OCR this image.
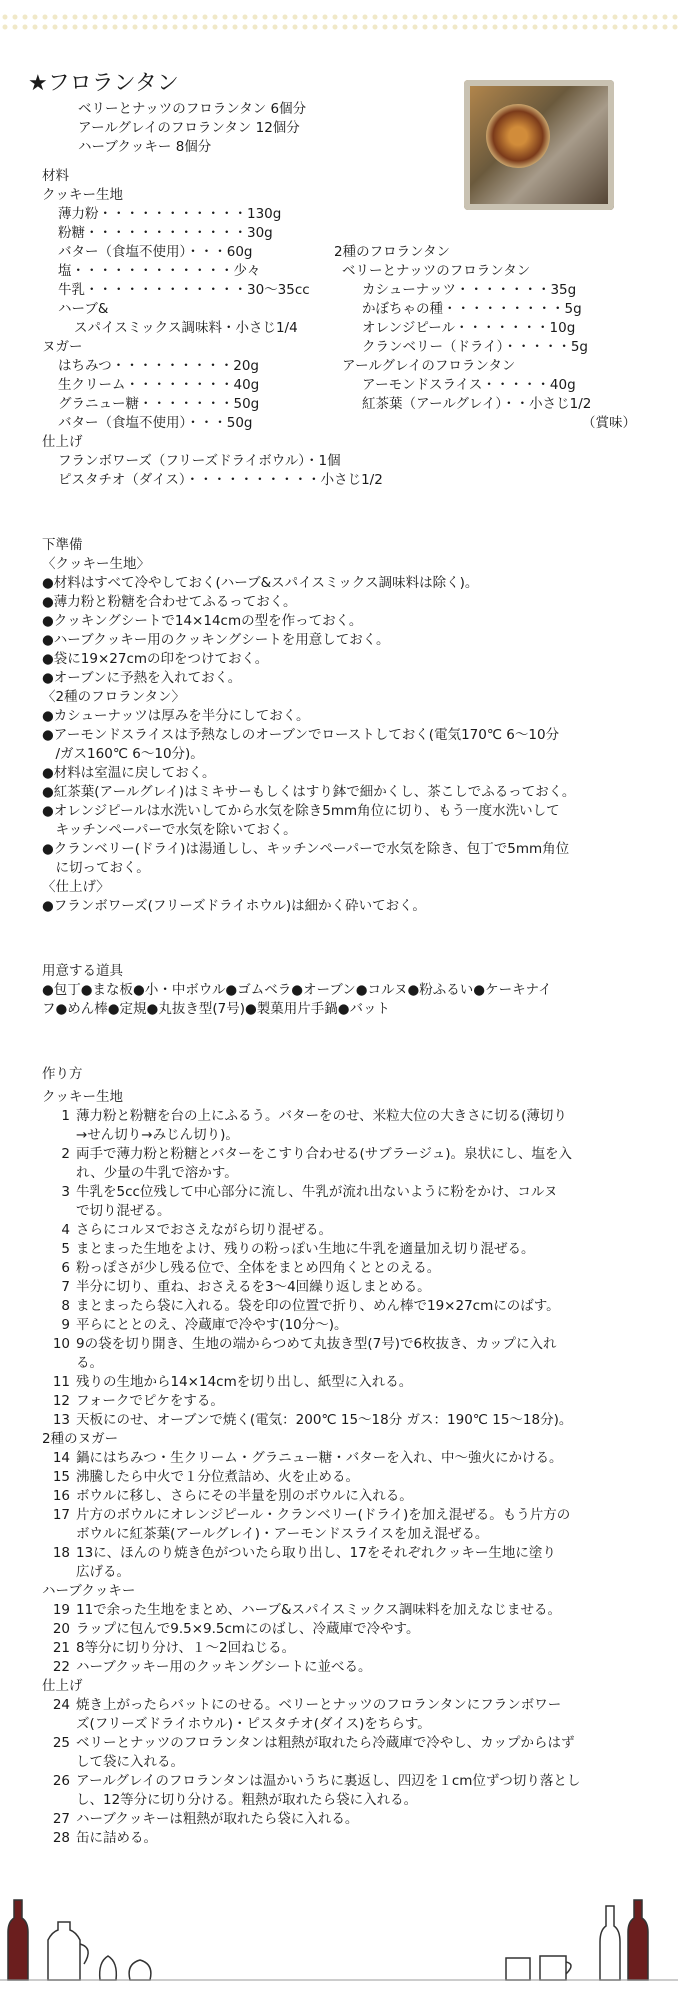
★フロランタン
ベリーとナッツのフロランタン 6個分
アールグレイのフロランタン 12個分
ハーブクッキー 8個分
材料
クッキー生地
薄力粉・・・・・・・・・・・130g
粉糖・・・・・・・・・・・・30g
バター（食塩不使用）・・・60g	2種のフロランタン
塩・・・・・・・・・・・・少々	ベリーとナッツのフロランタン
牛乳・・・・・・・・・・・・30〜35cc	カシューナッツ・・・・・・・35g
ハーブ&	かぼちゃの種・・・・・・・・・5g
スパイスミックス調味料・小さじ1/4	オレンジピール・・・・・・・10g
ヌガー	クランベリー（ドライ）・・・・・5g
はちみつ・・・・・・・・・20g	アールグレイのフロランタン
生クリーム・・・・・・・・40g	アーモンドスライス・・・・・40g
グラニュー糖・・・・・・・50g	紅茶葉（アールグレイ）・・小さじ1/2
バター（食塩不使用）・・・50g	（賞味）
仕上げ
フランボワーズ（フリーズドライボウル）・1個
ピスタチオ（ダイス）・・・・・・・・・・小さじ1/2
下準備
〈クッキー生地〉
●材料はすべて冷やしておく(ハーブ&スパイスミックス調味料は除く)。
●薄力粉と粉糖を合わせてふるっておく。
●クッキングシートで14×14cmの型を作っておく。
●ハーブクッキー用のクッキングシートを用意しておく。
●袋に19×27cmの印をつけておく。
●オーブンに予熱を入れておく。
〈2種のフロランタン〉
●カシューナッツは厚みを半分にしておく。
●アーモンドスライスは予熱なしのオーブンでローストしておく(電気170℃ 6〜10分
　/ガス160℃ 6〜10分)。
●材料は室温に戻しておく。
●紅茶葉(アールグレイ)はミキサーもしくはすり鉢で細かくし、茶こしでふるっておく。
●オレンジピールは水洗いしてから水気を除き5mm角位に切り、もう一度水洗いして
　キッチンペーパーで水気を除いておく。
●クランベリー(ドライ)は湯通しし、キッチンペーパーで水気を除き、包丁で5mm角位
　に切っておく。
〈仕上げ〉
●フランボワーズ(フリーズドライホウル)は細かく砕いておく。
用意する道具
●包丁●まな板●小・中ボウル●ゴムベラ●オーブン●コルヌ●粉ふるい●ケーキナイ
フ●めん棒●定規●丸抜き型(7号)●製菓用片手鍋●バット
作り方
クッキー生地
1 薄力粉と粉糖を台の上にふるう。バターをのせ、米粒大位の大きさに切る(薄切り
→せん切り→みじん切り)。
2 両手で薄力粉と粉糖とバターをこすり合わせる(サブラージュ)。泉状にし、塩を入
れ、少量の牛乳で溶かす。
3 牛乳を5cc位残して中心部分に流し、牛乳が流れ出ないように粉をかけ、コルヌ
で切り混ぜる。
4 さらにコルヌでおさえながら切り混ぜる。
5 まとまった生地をよけ、残りの粉っぽい生地に牛乳を適量加え切り混ぜる。
6 粉っぽさが少し残る位で、全体をまとめ四角くととのえる。
7 半分に切り、重ね、おさえるを3〜4回繰り返しまとめる。
8 まとまったら袋に入れる。袋を印の位置で折り、めん棒で19×27cmにのばす。
9 平らにととのえ、冷蔵庫で冷やす(10分〜)。
10 9の袋を切り開き、生地の端からつめて丸抜き型(7号)で6枚抜き、カップに入れ
る。
11 残りの生地から14×14cmを切り出し、紙型に入れる。
12 フォークでピケをする。
13 天板にのせ、オーブンで焼く(電気：200℃ 15〜18分 ガス：190℃ 15〜18分)。
2種のヌガー
14 鍋にはちみつ・生クリーム・グラニュー糖・バターを入れ、中〜強火にかける。
15 沸騰したら中火で１分位煮詰め、火を止める。
16 ボウルに移し、さらにその半量を別のボウルに入れる。
17 片方のボウルにオレンジピール・クランベリー(ドライ)を加え混ぜる。もう片方の
ボウルに紅茶葉(アールグレイ)・アーモンドスライスを加え混ぜる。
18 13に、ほんのり焼き色がついたら取り出し、17をそれぞれクッキー生地に塗り
広げる。
ハーブクッキー
19 11で余った生地をまとめ、ハーブ&スパイスミックス調味料を加えなじませる。
20 ラップに包んで9.5×9.5cmにのばし、冷蔵庫で冷やす。
21 8等分に切り分け、１〜2回ねじる。
22 ハーブクッキー用のクッキングシートに並べる。
仕上げ
24 焼き上がったらバットにのせる。ベリーとナッツのフロランタンにフランボワー
ズ(フリーズドライホウル)・ピスタチオ(ダイス)をちらす。
25 ベリーとナッツのフロランタンは粗熱が取れたら冷蔵庫で冷やし、カップからはず
して袋に入れる。
26 アールグレイのフロランタンは温かいうちに裏返し、四辺を１cm位ずつ切り落とし
し、12等分に切り分ける。粗熱が取れたら袋に入れる。
27 ハーブクッキーは粗熱が取れたら袋に入れる。
28 缶に詰める。
